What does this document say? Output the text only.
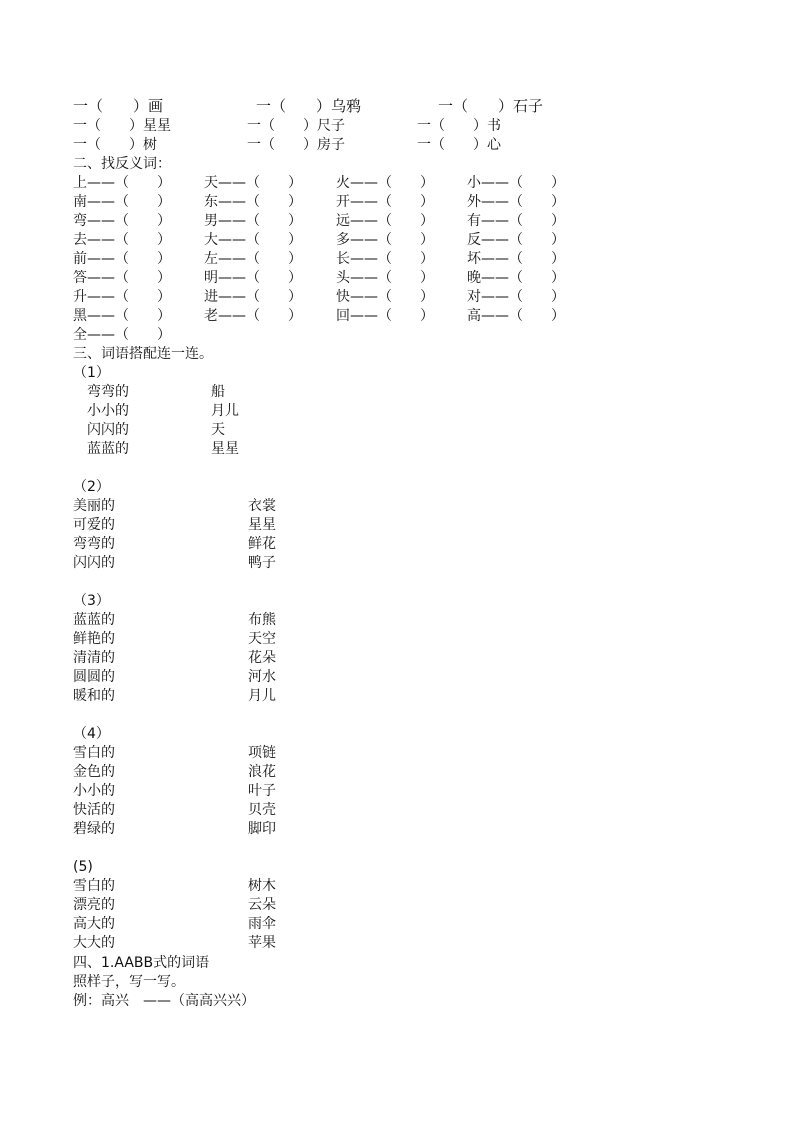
一（　　）画	一（　　）乌鸦	一（　　）石子
一（　　）星星	一（　　）尺子	一（　　）书
一（　　）树	一（　　）房子	一（　　）心
二、找反义词：
上——（　　） 天——（　　） 火——（　　） 小——（　　）
南——（　　） 东——（　　） 开——（　　） 外——（　　）
弯——（　　） 男——（　　） 远——（　　） 有——（　　）
去——（　　） 大——（　　） 多——（　　） 反——（　　）
前——（　　） 左——（　　） 长——（　　） 坏——（　　）
答——（　　） 明——（　　） 头——（　　） 晚——（　　）
升——（　　） 进——（　　） 快——（　　） 对——（　　）
黑——（　　） 老——（　　） 回——（　　） 高——（　　）
全——（　　）
三、词语搭配连一连。
（1）
弯弯的	船
小小的	月儿
闪闪的	天
蓝蓝的	星星
（2）
美丽的	衣裳
可爱的	星星
弯弯的	鲜花
闪闪的	鸭子
（3）
蓝蓝的	布熊
鲜艳的	天空
清清的	花朵
圆圆的	河水
暖和的	月儿
（4）
雪白的	项链
金色的	浪花
小小的	叶子
快活的	贝壳
碧绿的	脚印
(5)
雪白的	树木
漂亮的	云朵
高大的	雨伞
大大的	苹果
四、1.AABB式的词语
照样子，写一写。
例：高兴　——（高高兴兴）
